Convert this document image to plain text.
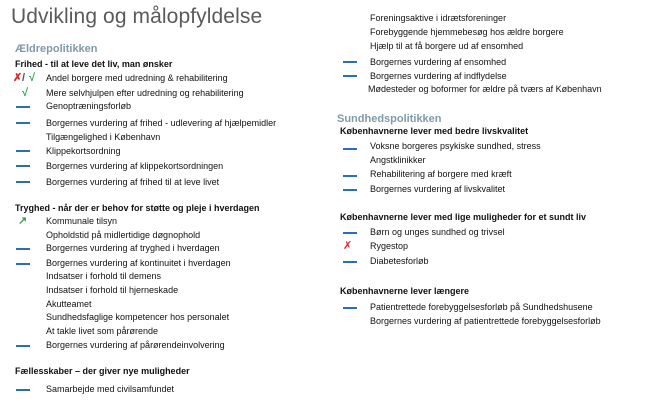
Udvikling og målopfyldelse
Ældrepolitikken
Frihed - til at leve det liv, man ønsker
✗ / √ Andel borgere med udredning & rehabilitering
√ Mere selvhjulpen efter udredning og rehabilitering
Genoptræningsforløb
Borgernes vurdering af frihed - udlevering af hjælpemidler
Tilgængelighed i København
Klippekortsordning
Borgernes vurdering af klippekortsordningen
Borgernes vurdering af frihed til at leve livet
Tryghed - når der er behov for støtte og pleje i hverdagen
↗ Kommunale tilsyn
Opholdstid på midlertidige døgnophold
Borgernes vurdering af tryghed i hverdagen
Borgernes vurdering af kontinuitet i hverdagen
Indsatser i forhold til demens
Indsatser i forhold til hjerneskade
Akutteamet
Sundhedsfaglige kompetencer hos personalet
At takle livet som pårørende
Borgernes vurdering af pårørendeinvolvering
Fællesskaber – der giver nye muligheder
Samarbejde med civilsamfundet
Foreningsaktive i idrætsforeninger
Forebyggende hjemmebesøg hos ældre borgere
Hjælp til at få borgere ud af ensomhed
Borgernes vurdering af ensomhed
Borgernes vurdering af indflydelse
Mødesteder og boformer for ældre på tværs af København
Sundhedspolitikken
Københavnerne lever med bedre livskvalitet
Voksne borgeres psykiske sundhed, stress
Angstklinikker
Rehabilitering af borgere med kræft
Borgernes vurdering af livskvalitet
Københavnerne lever med lige muligheder for et sundt liv
Børn og unges sundhed og trivsel
✗ Rygestop
Diabetesforløb
Københavnerne lever længere
Patientrettede forebyggelsesforløb på Sundhedshusene
Borgernes vurdering af patientrettede forebyggelsesforløb
